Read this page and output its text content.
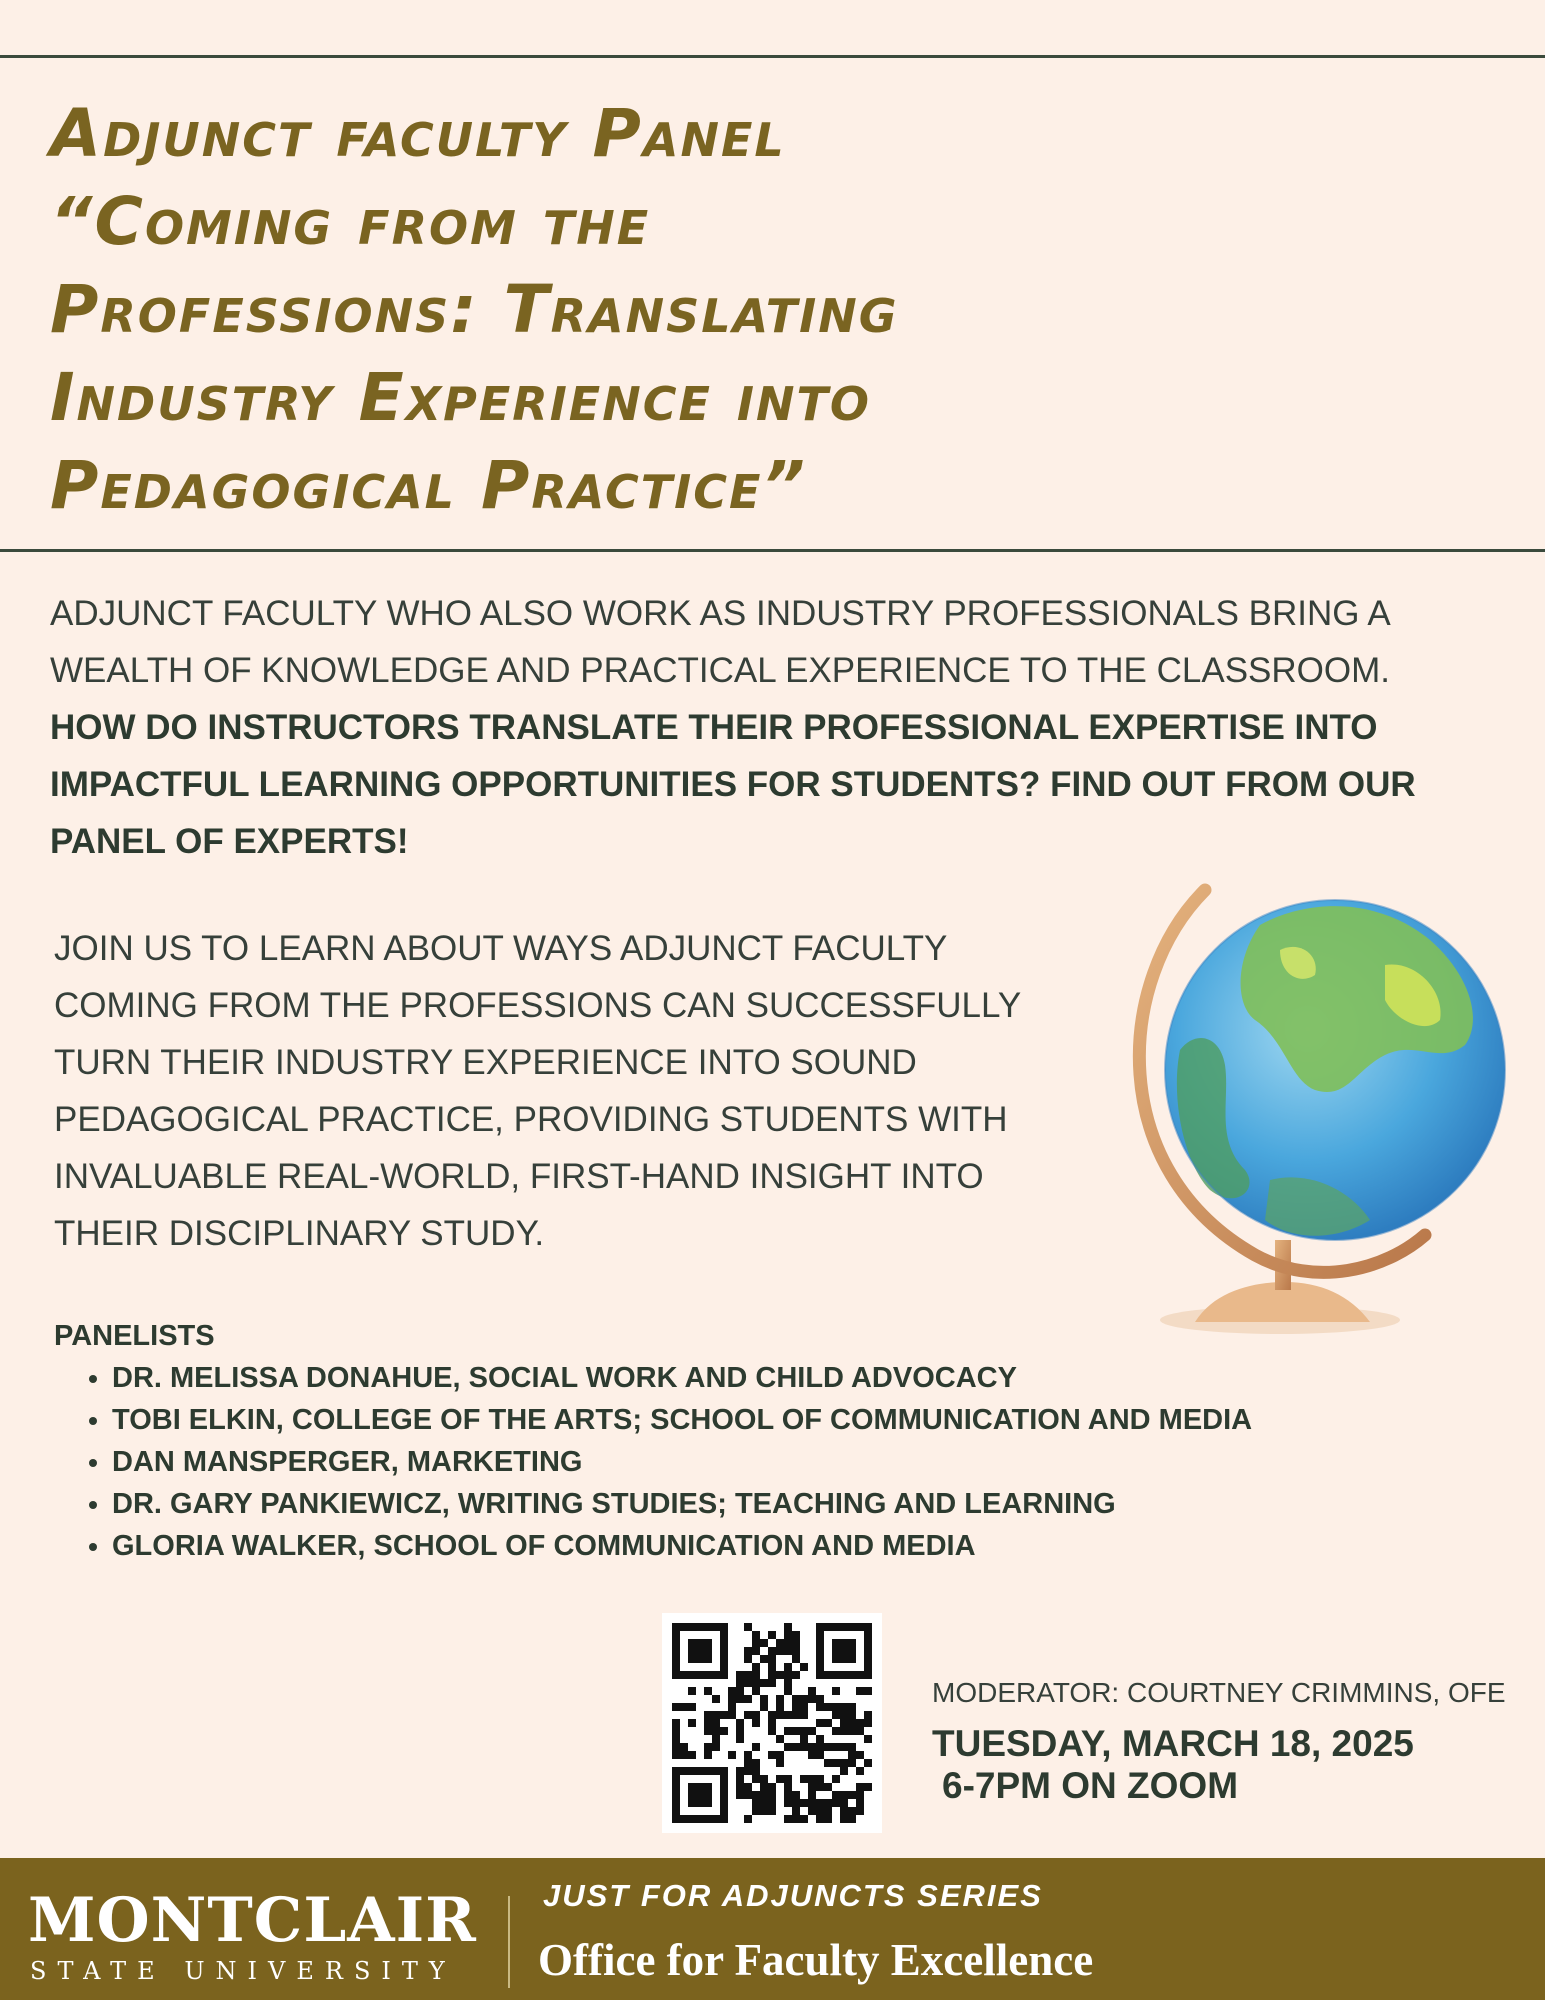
Adjunct faculty Panel
“Coming from the
Professions: Translating
Industry Experience into
Pedagogical Practice”

ADJUNCT FACULTY WHO ALSO WORK AS INDUSTRY PROFESSIONALS BRING A WEALTH OF KNOWLEDGE AND PRACTICAL EXPERIENCE TO THE CLASSROOM. HOW DO INSTRUCTORS TRANSLATE THEIR PROFESSIONAL EXPERTISE INTO IMPACTFUL LEARNING OPPORTUNITIES FOR STUDENTS? FIND OUT FROM OUR PANEL OF EXPERTS!

JOIN US TO LEARN ABOUT WAYS ADJUNCT FACULTY COMING FROM THE PROFESSIONS CAN SUCCESSFULLY TURN THEIR INDUSTRY EXPERIENCE INTO SOUND PEDAGOGICAL PRACTICE, PROVIDING STUDENTS WITH INVALUABLE REAL-WORLD, FIRST-HAND INSIGHT INTO THEIR DISCIPLINARY STUDY.

PANELISTS
• DR. MELISSA DONAHUE, SOCIAL WORK AND CHILD ADVOCACY
• TOBI ELKIN, COLLEGE OF THE ARTS; SCHOOL OF COMMUNICATION AND MEDIA
• DAN MANSPERGER, MARKETING
• DR. GARY PANKIEWICZ, WRITING STUDIES; TEACHING AND LEARNING
• GLORIA WALKER, SCHOOL OF COMMUNICATION AND MEDIA
MODERATOR: COURTNEY CRIMMINS, OFE
TUESDAY, MARCH 18, 2025
6-7PM ON ZOOM
MONTCLAIR
STATE UNIVERSITY
JUST FOR ADJUNCTS SERIES
Office for Faculty Excellence
